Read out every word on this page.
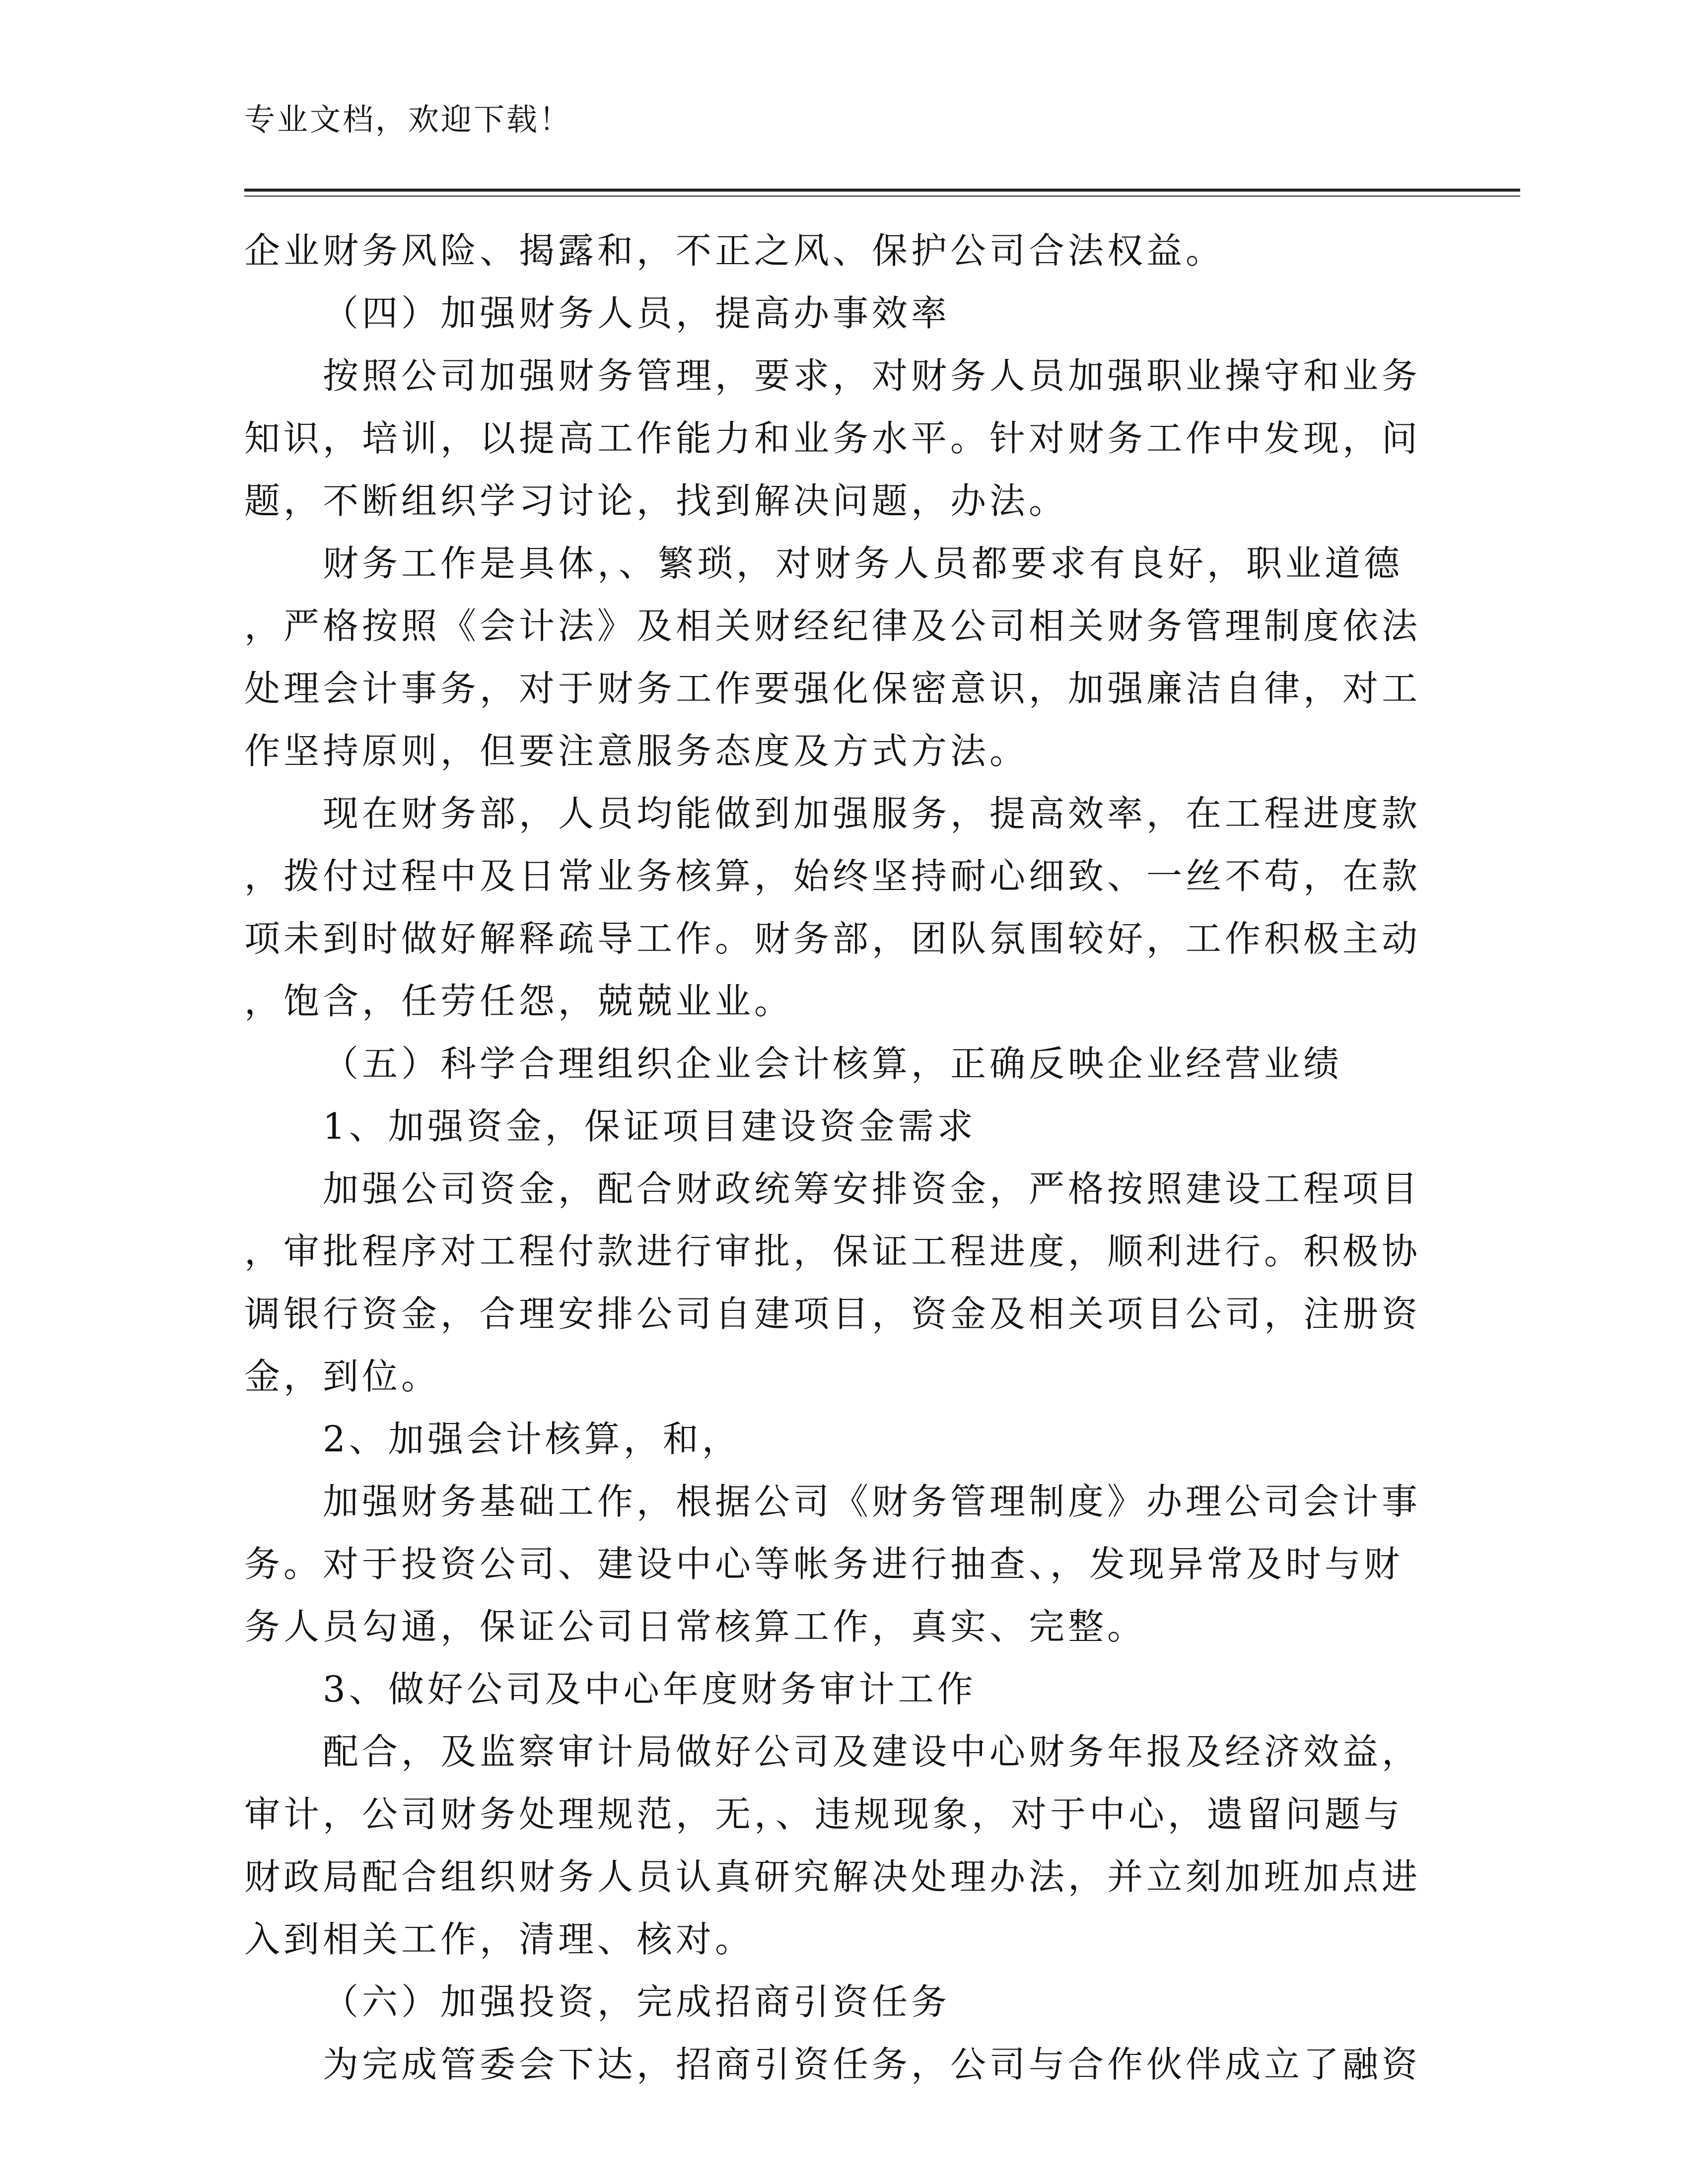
专业文档，欢迎下载！
企业财务风险、揭露和，不正之风、保护公司合法权益。
（四）加强财务人员，提高办事效率
按照公司加强财务管理，要求，对财务人员加强职业操守和业务
知识，培训，以提高工作能力和业务水平。针对财务工作中发现，问
题，不断组织学习讨论，找到解决问题，办法。
财务工作是具体，、繁琐，对财务人员都要求有良好，职业道德
，严格按照《会计法》及相关财经纪律及公司相关财务管理制度依法
处理会计事务，对于财务工作要强化保密意识，加强廉洁自律，对工
作坚持原则，但要注意服务态度及方式方法。
现在财务部，人员均能做到加强服务，提高效率，在工程进度款
，拨付过程中及日常业务核算，始终坚持耐心细致、一丝不苟，在款
项未到时做好解释疏导工作。财务部，团队氛围较好，工作积极主动
，饱含，任劳任怨，兢兢业业。
（五）科学合理组织企业会计核算，正确反映企业经营业绩
1、加强资金，保证项目建设资金需求
加强公司资金，配合财政统筹安排资金，严格按照建设工程项目
，审批程序对工程付款进行审批，保证工程进度，顺利进行。积极协
调银行资金，合理安排公司自建项目，资金及相关项目公司，注册资
金，到位。
2、加强会计核算，和，
加强财务基础工作，根据公司《财务管理制度》办理公司会计事
务。对于投资公司、建设中心等帐务进行抽查、，发现异常及时与财
务人员勾通，保证公司日常核算工作，真实、完整。
3、做好公司及中心年度财务审计工作
配合，及监察审计局做好公司及建设中心财务年报及经济效益，
审计，公司财务处理规范，无，、违规现象，对于中心，遗留问题与
财政局配合组织财务人员认真研究解决处理办法，并立刻加班加点进
入到相关工作，清理、核对。
（六）加强投资，完成招商引资任务
为完成管委会下达，招商引资任务，公司与合作伙伴成立了融资
